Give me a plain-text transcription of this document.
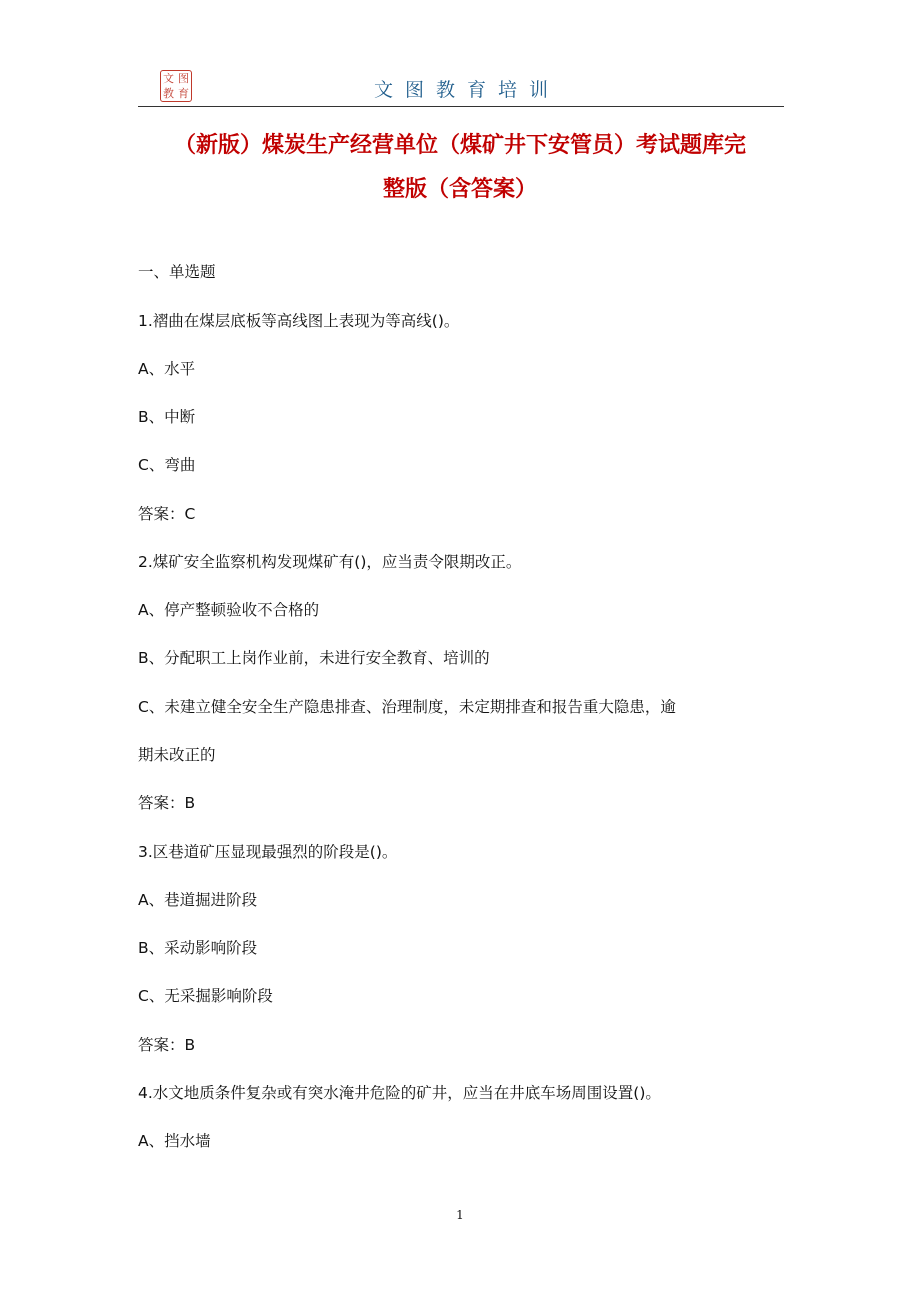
文 图
教 育	文图教育培训
（新版）煤炭生产经营单位（煤矿井下安管员）考试题库完
整版（含答案）
一、单选题
1.褶曲在煤层底板等高线图上表现为等高线()。
A、水平
B、中断
C、弯曲
答案：C
2.煤矿安全监察机构发现煤矿有()，应当责令限期改正。
A、停产整顿验收不合格的
B、分配职工上岗作业前，未进行安全教育、培训的
C、未建立健全安全生产隐患排查、治理制度，未定期排查和报告重大隐患，逾
期未改正的
答案：B
3.区巷道矿压显现最强烈的阶段是()。
A、巷道掘进阶段
B、采动影响阶段
C、无采掘影响阶段
答案：B
4.水文地质条件复杂或有突水淹井危险的矿井，应当在井底车场周围设置()。
A、挡水墙
1
